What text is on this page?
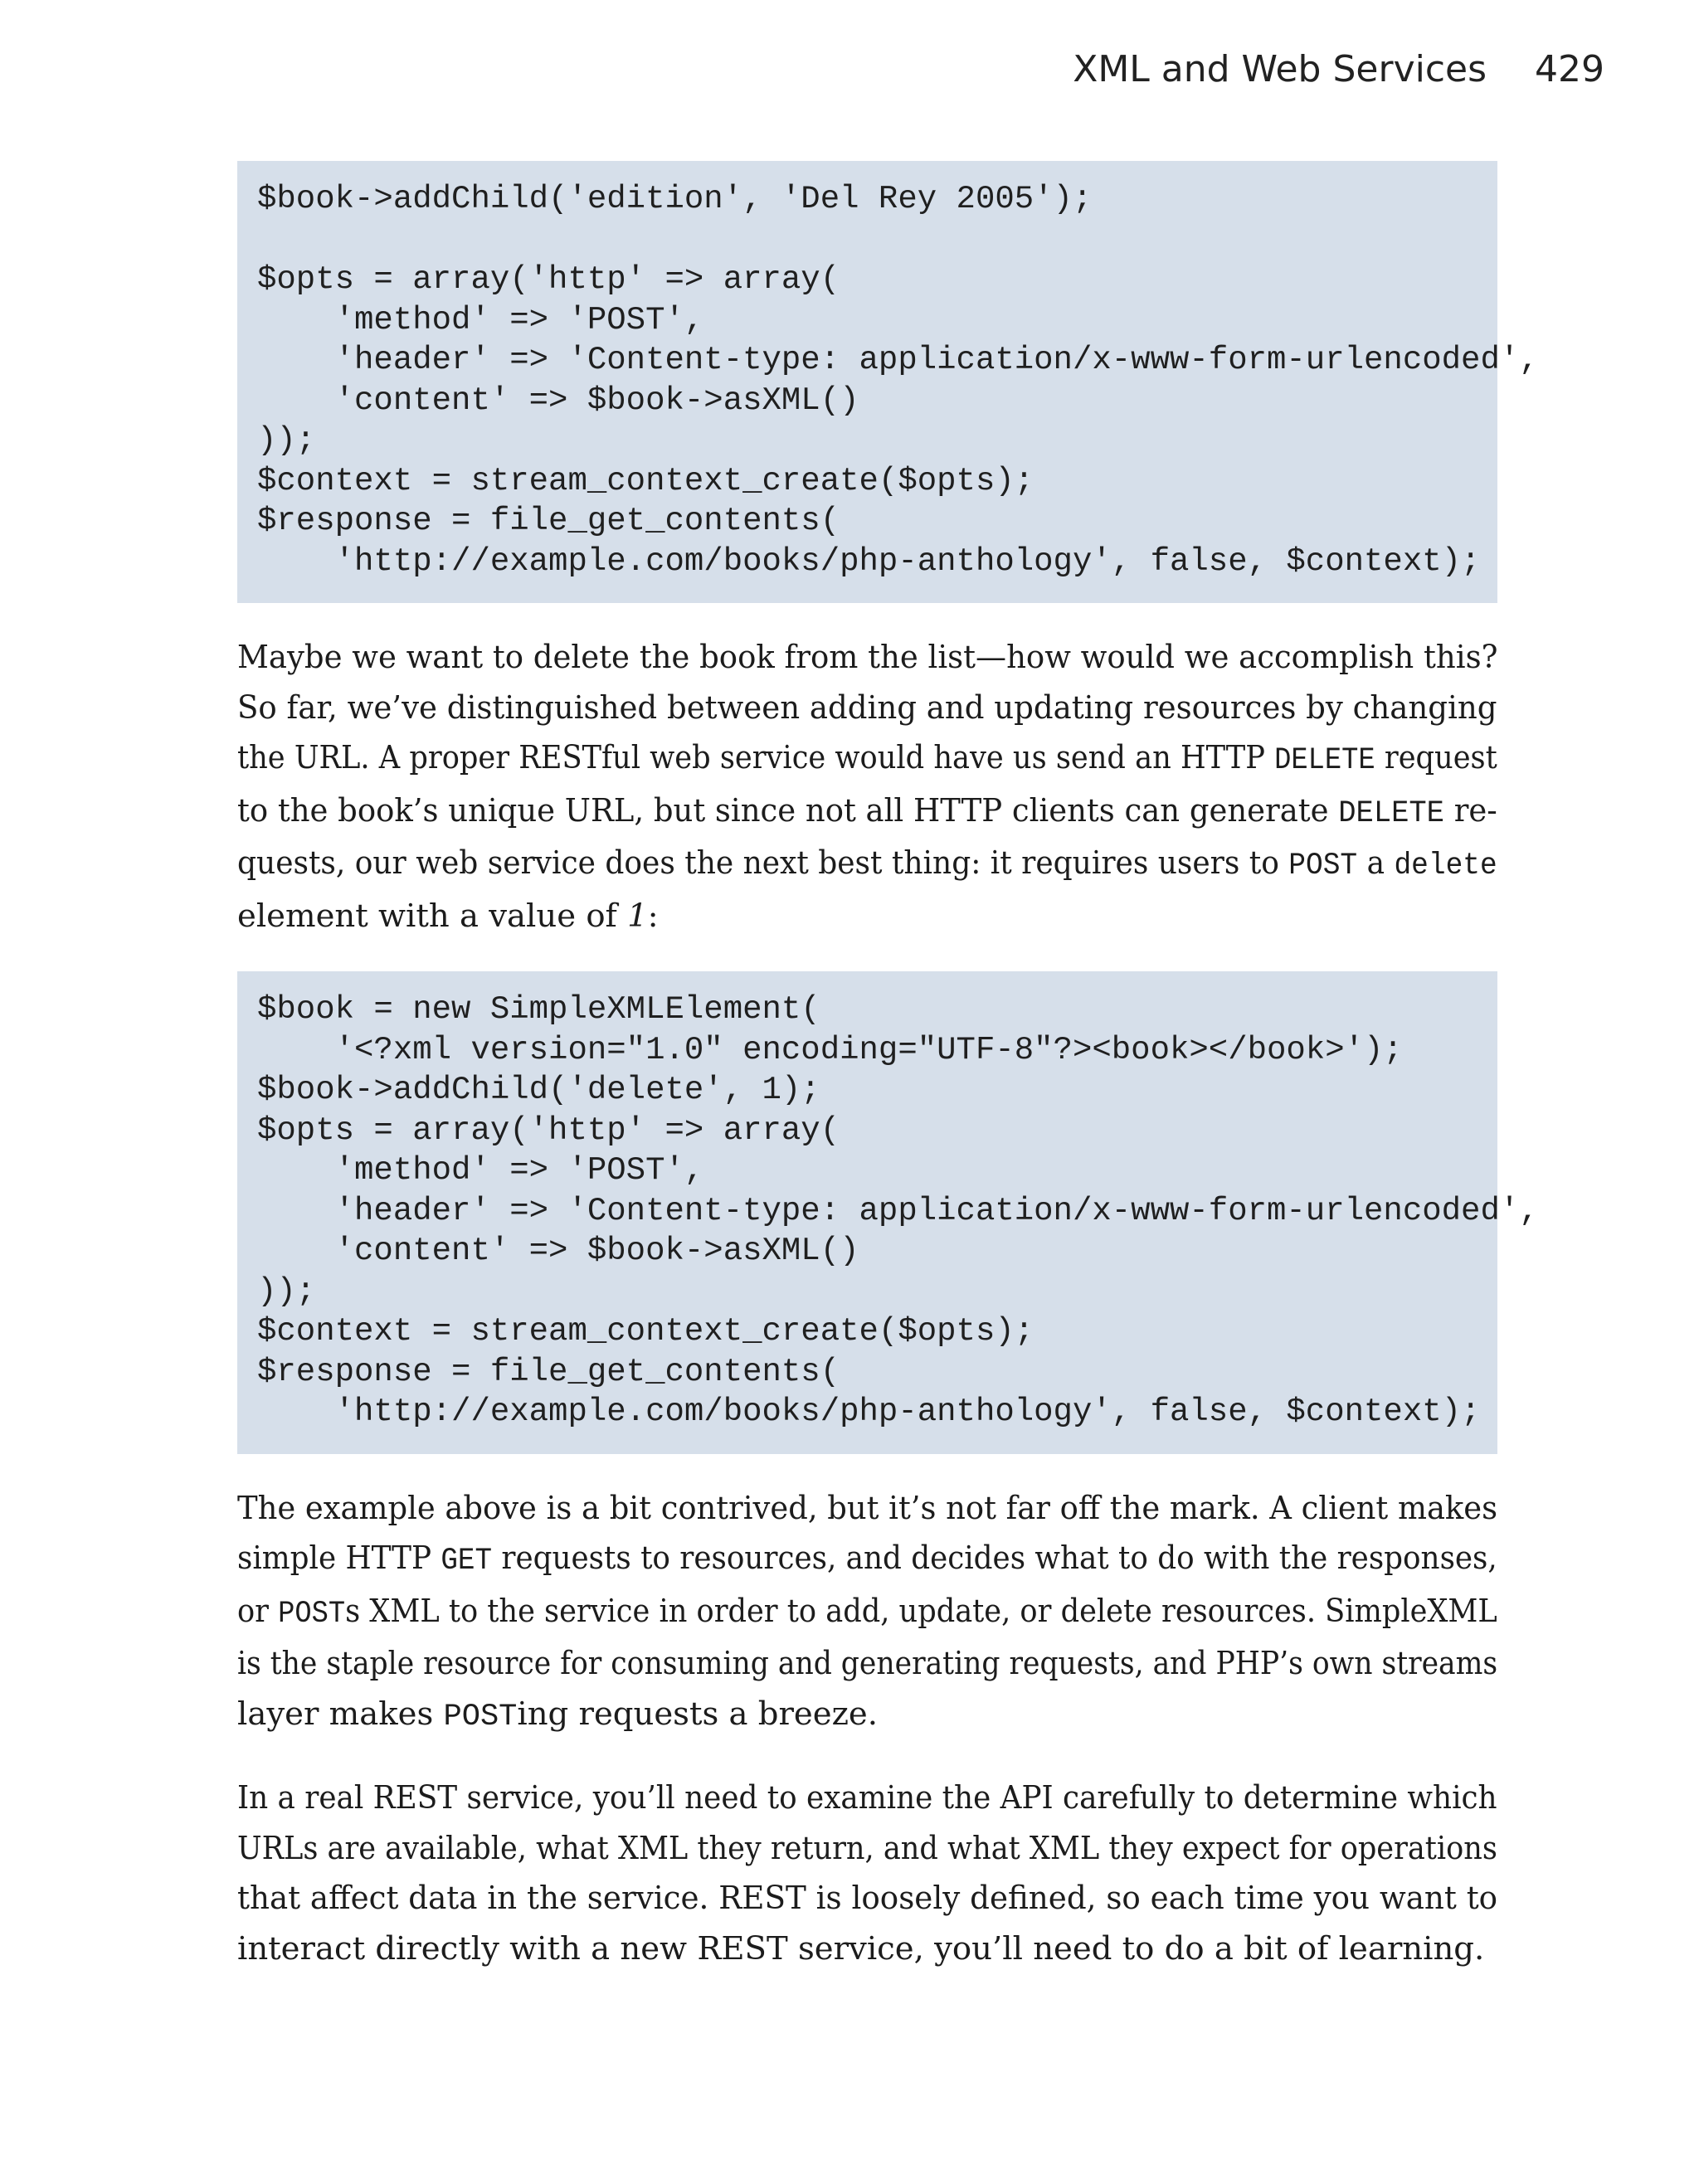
XML and Web Services 429
$book->addChild('edition', 'Del Rey 2005');
$opts = array('http' => array(
'method' => 'POST',
'header' => 'Content-type: application/x-www-form-urlencoded',
'content' => $book->asXML()
));
$context = stream_context_create($opts);
$response = file_get_contents(
'http://example.com/books/php-anthology', false, $context);
Maybe we want to delete the book from the list—how would we accomplish this?
So far, we’ve distinguished between adding and updating resources by changing
the URL. A proper RESTful web service would have us send an HTTP DELETE request
to the book’s unique URL, but since not all HTTP clients can generate DELETE re-
quests, our web service does the next best thing: it requires users to POST a delete
element with a value of 1:
$book = new SimpleXMLElement(
'<?xml version="1.0" encoding="UTF-8"?><book></book>');
$book->addChild('delete', 1);
$opts = array('http' => array(
'method' => 'POST',
'header' => 'Content-type: application/x-www-form-urlencoded',
'content' => $book->asXML()
));
$context = stream_context_create($opts);
$response = file_get_contents(
'http://example.com/books/php-anthology', false, $context);
The example above is a bit contrived, but it’s not far off the mark. A client makes
simple HTTP GET requests to resources, and decides what to do with the responses,
or POSTs XML to the service in order to add, update, or delete resources. SimpleXML
is the staple resource for consuming and generating requests, and PHP’s own streams
layer makes POSTing requests a breeze.
In a real REST service, you’ll need to examine the API carefully to determine which
URLs are available, what XML they return, and what XML they expect for operations
that affect data in the service. REST is loosely defined, so each time you want to
interact directly with a new REST service, you’ll need to do a bit of learning.
